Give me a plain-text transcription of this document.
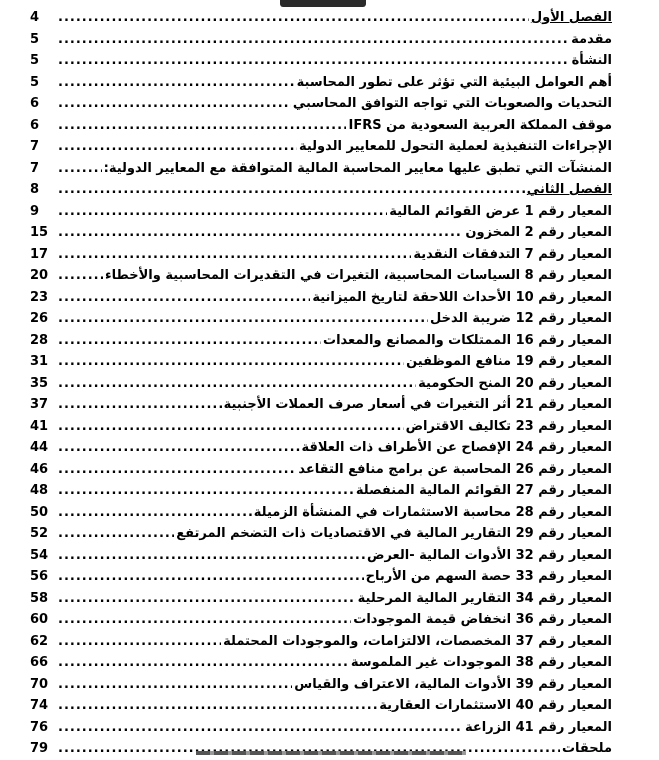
الفصل الأول
.....
4
مقدمة
.....
5
النشأة
.....
5
أهم العوامل البيئية التي تؤثر على تطور المحاسبة
.....
5
التحديات والصعوبات التي تواجه التوافق المحاسبي
.....
6
موقف المملكة العربية السعودية من IFRS
.....
6
الإجراءات التنفيذية لعملية التحول للمعايير الدولية
.....
7
المنشآت التي تطبق عليها معايير المحاسبة المالية المتوافقة مع المعايير الدولية:
.....
7
الفصل الثاني
.....
8
المعيار رقم 1 عرض القوائم المالية
.....
9
المعيار رقم 2 المخزون
.....
15
المعيار رقم 7 التدفقات النقدية
.....
17
المعيار رقم 8 السياسات المحاسبية، التغيرات في التقديرات المحاسبية والأخطاء
.....
20
المعيار رقم 10 الأحداث اللاحقة لتاريخ الميزانية
.....
23
المعيار رقم 12 ضريبة الدخل
.....
26
المعيار رقم 16 الممتلكات والمصانع والمعدات
.....
28
المعيار رقم 19 منافع الموظفين
.....
31
المعيار رقم 20 المنح الحكومية
.....
35
المعيار رقم 21 أثر التغيرات في أسعار صرف العملات الأجنبية
.....
37
المعيار رقم 23 تكاليف الاقتراض
.....
41
المعيار رقم 24 الإفصاح عن الأطراف ذات العلاقة
.....
44
المعيار رقم 26 المحاسبة عن برامج منافع التقاعد
.....
46
المعيار رقم 27 القوائم المالية المنفصلة
.....
48
المعيار رقم 28 محاسبة الاستثمارات في المنشأة الزميلة
.....
50
المعيار رقم 29 التقارير المالية في الاقتصاديات ذات التضخم المرتفع
.....
52
المعيار رقم 32 الأدوات المالية -العرض
.....
54
المعيار رقم 33 حصة السهم من الأرباح
.....
56
المعيار رقم 34 التقارير المالية المرحلية
.....
58
المعيار رقم 36 انخفاض قيمة الموجودات
.....
60
المعيار رقم 37 المخصصات، الالتزامات، والموجودات المحتملة
.....
62
المعيار رقم 38 الموجودات غير الملموسة
.....
66
المعيار رقم 39 الأدوات المالية، الاعتراف والقياس
.....
70
المعيار رقم 40 الاستثمارات العقارية
.....
74
المعيار رقم 41 الزراعة
.....
76
ملحقات
.....
79
